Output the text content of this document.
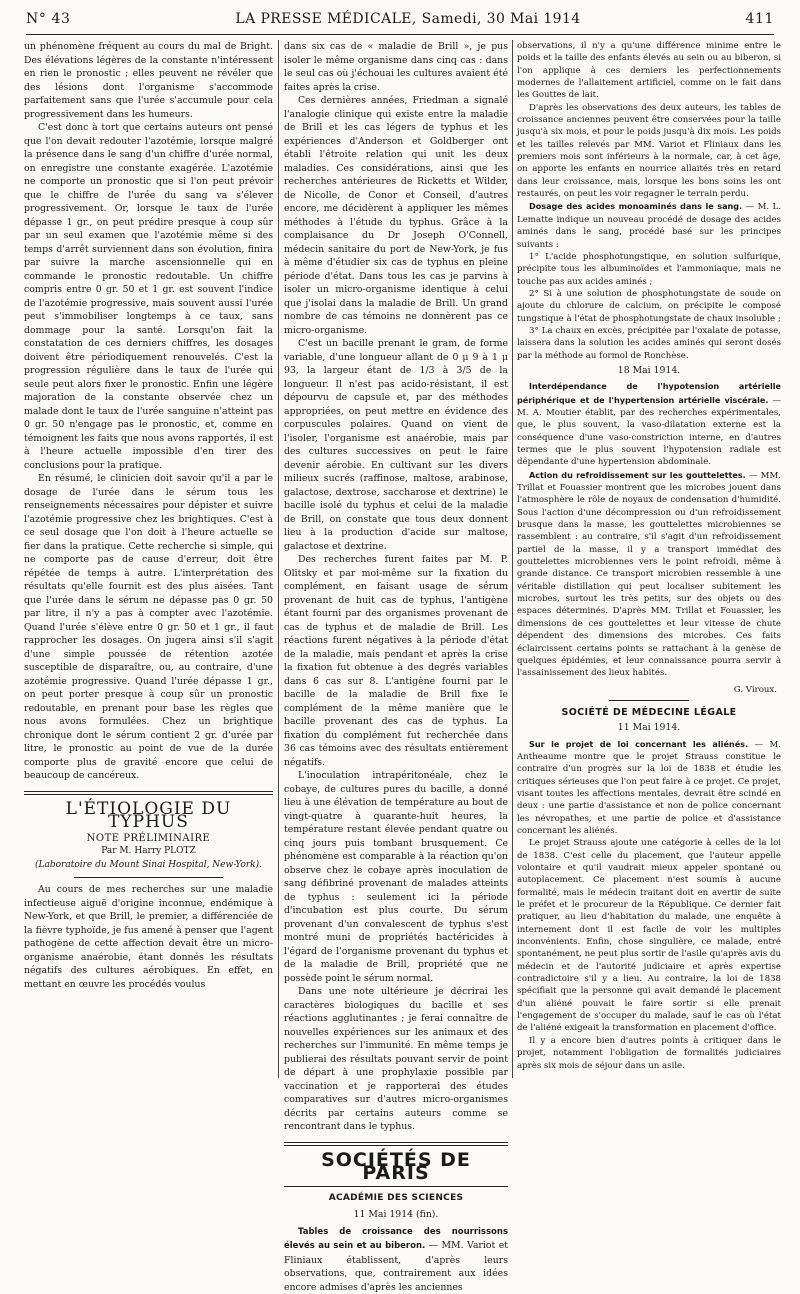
N° 43	LA PRESSE MÉDICALE, Samedi, 30 Mai 1914	411

un phénomène fréquent au cours du mal de Bright. Des élévations légères de la constante n'intéressent en rien le pronostic ; elles peuvent ne révéler que des lésions dont l'organisme s'accommode parfaitement sans que l'urée s'accumule pour cela progressivement dans les humeurs.

C'est donc à tort que certains auteurs ont pensé que l'on devait redouter l'azotémie, lorsque malgré la présence dans le sang d'un chiffre d'urée normal, on enregistre une constante exagérée. L'azotémie ne comporte un pronostic que si l'on peut prévoir que le chiffre de l'urée du sang va s'élever progressivement. Or, lorsque le taux de l'urée dépasse 1 gr., on peut prédire presque à coup sûr par un seul examen que l'azotémie même si des temps d'arrêt surviennent dans son évolution, finira par suivre la marche ascensionnelle qui en commande le pronostic redoutable. Un chiffre compris entre 0 gr. 50 et 1 gr. est souvent l'indice de l'azotémie progressive, mais souvent aussi l'urée peut s'immobiliser longtemps à ce taux, sans dommage pour la santé. Lorsqu'on fait la constatation de ces derniers chiffres, les dosages doivent être périodiquement renouvelés. C'est la progression régulière dans le taux de l'urée qui seule peut alors fixer le pronostic. Enfin une légère majoration de la constante observée chez un malade dont le taux de l'urée sanguine n'atteint pas 0 gr. 50 n'engage pas le pronostic, et, comme en témoignent les faits que nous avons rapportés, il est à l'heure actuelle impossible d'en tirer des conclusions pour la pratique.

En résumé, le clinicien doit savoir qu'il a par le dosage de l'urée dans le sérum tous les renseignements nécessaires pour dépister et suivre l'azotémie progressive chez les brightiques. C'est à ce seul dosage que l'on doit à l'heure actuelle se fier dans la pratique. Cette recherche si simple, qui ne comporte pas de cause d'erreur, doit être répétée de temps à autre. L'interprétation des résultats qu'elle fournit est des plus aisées. Tant que l'urée dans le sérum ne dépasse pas 0 gr. 50 par litre, il n'y a pas à compter avec l'azotémie. Quand l'urée s'élève entre 0 gr. 50 et 1 gr., il faut rapprocher les dosages. On jugera ainsi s'il s'agit d'une simple poussée de rétention azotée susceptible de disparaître, ou, au contraire, d'une azotémie progressive. Quand l'urée dépasse 1 gr., on peut porter presque à coup sûr un pronostic redoutable, en prenant pour base les règles que nous avons formulées. Chez un brightique chronique dont le sérum contient 2 gr. d'urée par litre, le pronostic au point de vue de la durée comporte plus de gravité encore que celui de beaucoup de cancéreux.

L'ÉTIOLOGIE DU TYPHUS
NOTE PRÉLIMINAIRE
Par M. Harry PLOTZ
(Laboratoire du Mount Sinai Hospital, New-York).

Au cours de mes recherches sur une maladie infectieuse aiguë d'origine inconnue, endémique à New-York, et que Brill, le premier, a différenciée de la fièvre typhoïde, je fus amené à penser que l'agent pathogène de cette affection devait être un micro-organisme anaérobie, étant donnés les résultats négatifs des cultures aérobiques. En effet, en mettant en œuvre les procédés voulus

dans six cas de « maladie de Brill », je pus isoler le même organisme dans cinq cas : dans le seul cas où j'échouai les cultures avaient été faites après la crise.

Ces dernières années, Friedman a signalé l'analogie clinique qui existe entre la maladie de Brill et les cas légers de typhus et les expériences d'Anderson et Goldberger ont établi l'étroite relation qui unit les deux maladies. Ces considérations, ainsi que les recherches antérieures de Ricketts et Wilder, de Nicolle, de Conor et Conseil, d'autres encore, me décidèrent à appliquer les mêmes méthodes à l'étude du typhus. Grâce à la complaisance du Dr Joseph O'Connell, médecin sanitaire du port de New-York, je fus à même d'étudier six cas de typhus en pleine période d'état. Dans tous les cas je parvins à isoler un micro-organisme identique à celui que j'isolai dans la maladie de Brill. Un grand nombre de cas témoins ne donnèrent pas ce micro-organisme.

C'est un bacille prenant le gram, de forme variable, d'une longueur allant de 0 μ 9 à 1 μ 93, la largeur étant de 1/3 à 3/5 de la longueur. Il n'est pas acido-résistant, il est dépourvu de capsule et, par des méthodes appropriées, on peut mettre en évidence des corpuscules polaires. Quand on vient de l'isoler, l'organisme est anaérobie, mais par des cultures successives on peut le faire devenir aérobie. En cultivant sur les divers milieux sucrés (raffinose, maltose, arabinose, galactose, dextrose, saccharose et dextrine) le bacille isolé du typhus et celui de la maladie de Brill, on constate que tous deux donnent lieu à la production d'acide sur maltose, galactose et dextrine.

Des recherches furent faites par M. P. Olitsky et par moi-même sur la fixation du complément, en faisant usage de sérum provenant de huit cas de typhus, l'antigène étant fourni par des organismes provenant de cas de typhus et de maladie de Brill. Les réactions furent négatives à la période d'état de la maladie, mais pendant et après la crise la fixation fut obtenue à des degrés variables dans 6 cas sur 8. L'antigène fourni par le bacille de la maladie de Brill fixe le complément de la même manière que le bacille provenant des cas de typhus. La fixation du complément fut recherchée dans 36 cas témoins avec des résultats entièrement négatifs.

L'inoculation intrapéritonéale, chez le cobaye, de cultures pures du bacille, a donné lieu à une élévation de température au bout de vingt-quatre à quarante-huit heures, la température restant élevée pendant quatre ou cinq jours puis tombant brusquement. Ce phénomène est comparable à la réaction qu'on observe chez le cobaye après inoculation de sang défibriné provenant de malades atteints de typhus : seulement ici la période d'incubation est plus courte. Du sérum provenant d'un convalescent de typhus s'est montré muni de propriétés bactéricides à l'égard de l'organisme provenant du typhus et de la maladie de Brill, propriété que ne possède point le sérum normal.

Dans une note ultérieure je décrirai les caractères biologiques du bacille et ses réactions agglutinantes ; je ferai connaître de nouvelles expériences sur les animaux et des recherches sur l'immunité. En même temps je publierai des résultats pouvant servir de point de départ à une prophylaxie possible par vaccination et je rapporterai des études comparatives sur d'autres micro-organismes décrits par certains auteurs comme se rencontrant dans le typhus.

SOCIÉTÉS DE PARIS
ACADÉMIE DES SCIENCES
11 Mai 1914 (fin).

Tables de croissance des nourrissons élevés au sein et au biberon. — MM. Variot et Fliniaux établissent, d'après leurs observations, que, contrairement aux idées encore admises d'après les anciennes

observations, il n'y a qu'une différence minime entre le poids et la taille des enfants élevés au sein ou au biberon, si l'on applique à ces derniers les perfectionnements modernes de l'allaitement artificiel, comme on le fait dans les Gouttes de lait.

D'après les observations des deux auteurs, les tables de croissance anciennes peuvent être conservées pour la taille jusqu'à six mois, et pour le poids jusqu'à dix mois. Les poids et les tailles relevés par MM. Variot et Fliniaux dans les premiers mois sont inférieurs à la normale, car, à cet âge, on apporte les enfants en nourrice allaités très en retard dans leur croissance, mais, lorsque les bons soins les ont restaurés, on peut les voir regagner le terrain perdu.

Dosage des acides monoaminés dans le sang. — M. L. Lematte indique un nouveau procédé de dosage des acides aminés dans le sang, procédé basé sur les principes suivants :

1° L'acide phosphotungstique, en solution sulfurique, précipite tous les albuminoïdes et l'ammoniaque, mais ne touche pas aux acides aminés ;

2° Si à une solution de phosphotungstate de soude on ajoute du chlorure de calcium, on précipite le composé tungstique à l'état de phosphotungstate de chaux insoluble ;

3° La chaux en excès, précipitée par l'oxalate de potasse, laissera dans la solution les acides aminés qui seront dosés par la méthode au formol de Ronchèse.

18 Mai 1914.

Interdépendance de l'hypotension artérielle périphérique et de l'hypertension artérielle viscérale. — M. A. Moutier établit, par des recherches expérimentales, que, le plus souvent, la vaso-dilatation externe est la conséquence d'une vaso-constriction interne, en d'autres termes que le plus souvent l'hypotension radiale est dépendante d'une hypertension abdominale.

Action du refroidissement sur les gouttelettes. — MM. Trillat et Fouassier montrent que les microbes jouent dans l'atmosphère le rôle de noyaux de condensation d'humidité. Sous l'action d'une décompression ou d'un refroidissement brusque dans la masse, les gouttelettes microbiennes se rassemblent : au contraire, s'il s'agit d'un refroidissement partiel de la masse, il y a transport immédiat des gouttelettes microbiennes vers le point refroidi, même à grande distance. Ce transport microbien ressemble à une véritable distillation qui peut localiser subitement les microbes, surtout les très petits, sur des objets ou des espaces déterminés. D'après MM. Trillat et Fouassier, les dimensions de ces gouttelettes et leur vitesse de chute dépendent des dimensions des microbes. Ces faits éclaircissent certains points se rattachant à la genèse de quelques épidémies, et leur connaissance pourra servir à l'assainissement des lieux habités.

G. Viroux.
SOCIÉTÉ DE MÉDECINE LÉGALE
11 Mai 1914.

Sur le projet de loi concernant les aliénés. — M. Antheaume montre que le projet Strauss constitue le contraire d'un progrès sur la loi de 1838 et étudie les critiques sérieuses que l'on peut faire à ce projet. Ce projet, visant toutes les affections mentales, devrait être scindé en deux : une partie d'assistance et non de police concernant les névropathes, et une partie de police et d'assistance concernant les aliénés.

Le projet Strauss ajoute une catégorie à celles de la loi de 1838. C'est celle du placement, que l'auteur appelle volontaire et qu'il vaudrait mieux appeler spontané ou autoplacement. Ce placement n'est soumis à aucune formalité, mais le médecin traitant doit en avertir de suite le préfet et le procureur de la République. Ce dernier fait pratiquer, au lieu d'habitation du malade, une enquête à internement dont il est facile de voir les multiples inconvénients. Enfin, chose singulière, ce malade, entré spontanément, ne peut plus sortir de l'asile qu'après avis du médecin et de l'autorité judiciaire et après expertise contradictoire s'il y a lieu. Au contraire, la loi de 1838 spécifiait que la personne qui avait demandé le placement d'un aliéné pouvait le faire sortir si elle prenait l'engagement de s'occuper du malade, sauf le cas où l'état de l'aliéné exigeait la transformation en placement d'office.

Il y a encore bien d'autres points à critiquer dans le projet, notamment l'obligation de formalités judiciaires après six mois de séjour dans un asile.
